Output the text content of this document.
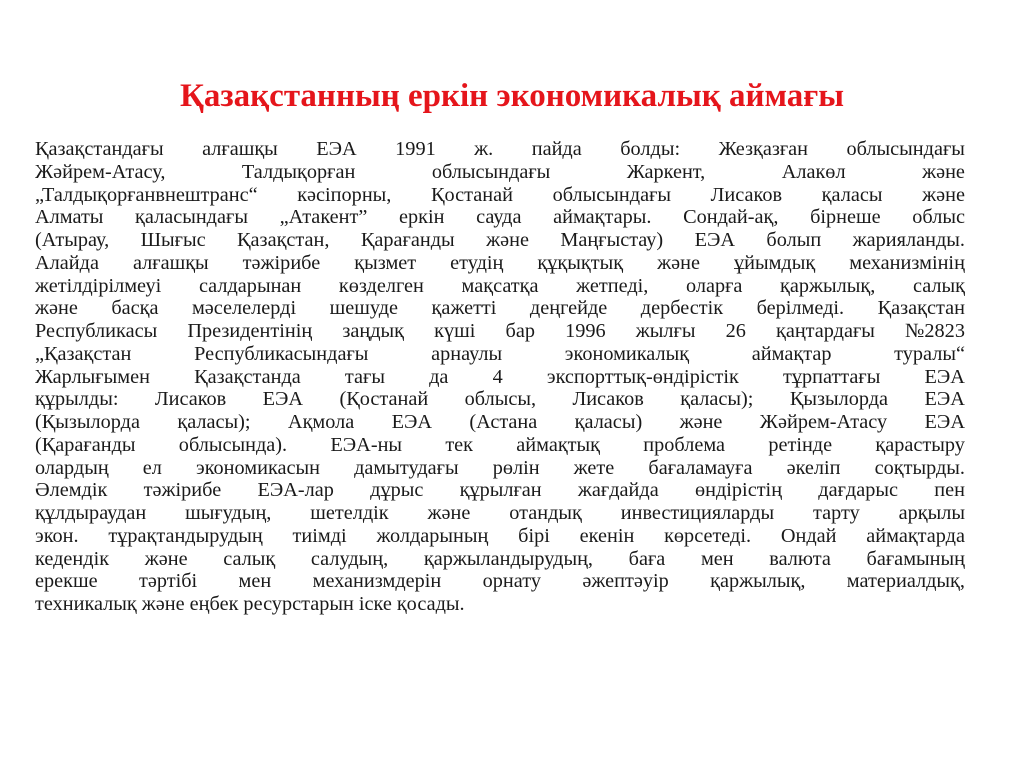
Қазақстанның еркін экономикалық аймағы
Қазақстандағы алғашқы ЕЭА 1991 ж. пайда болды: Жезқазған облысындағы
Жәйрем-Атасу,	Талдықорған	облысындағы	Жаркент,	Алакөл	және
„Талдықорғанвнештранс“ кәсіпорны, Қостанай облысындағы Лисаков қаласы және
Алматы қаласындағы „Атакент” еркін сауда аймақтары. Сондай-ақ, бірнеше облыс
(Атырау, Шығыс Қазақстан, Қарағанды және Маңғыстау) ЕЭА болып жарияланды.
Алайда алғашқы тәжірибе қызмет етудің құқықтық және ұйымдық механизмінің
жетілдірілмеуі салдарынан көзделген мақсатқа жетпеді, оларға қаржылық, салық
және басқа мәселелерді шешуде қажетті деңгейде дербестік берілмеді. Қазақстан
Республикасы Президентінің заңдық күші бар 1996 жылғы 26 қаңтардағы №2823
„Қазақстан	Республикасындағы	арнаулы	экономикалық	аймақтар	туралы“
Жарлығымен Қазақстанда тағы да 4 экспорттық-өндірістік тұрпаттағы ЕЭА
құрылды: Лисаков ЕЭА (Қостанай облысы, Лисаков қаласы); Қызылорда ЕЭА
(Қызылорда қаласы); Ақмола ЕЭА (Астана қаласы) және Жәйрем-Атасу ЕЭА
(Қарағанды облысында). ЕЭА-ны тек аймақтық проблема ретінде қарастыру
олардың ел экономикасын дамытудағы рөлін жете бағаламауға әкеліп соқтырды.
Әлемдік тәжірибе ЕЭА-лар дұрыс құрылған жағдайда өндірістің дағдарыс пен
құлдыраудан шығудың, шетелдік және отандық инвестицияларды тарту арқылы
экон. тұрақтандырудың тиімді жолдарының бірі екенін көрсетеді. Ондай аймақтарда
кедендік және салық салудың, қаржыландырудың, баға мен валюта бағамының
ерекше тәртібі мен механизмдерін орнату әжептәуір қаржылық, материалдық,
техникалық және еңбек ресурстарын іске қосады.
